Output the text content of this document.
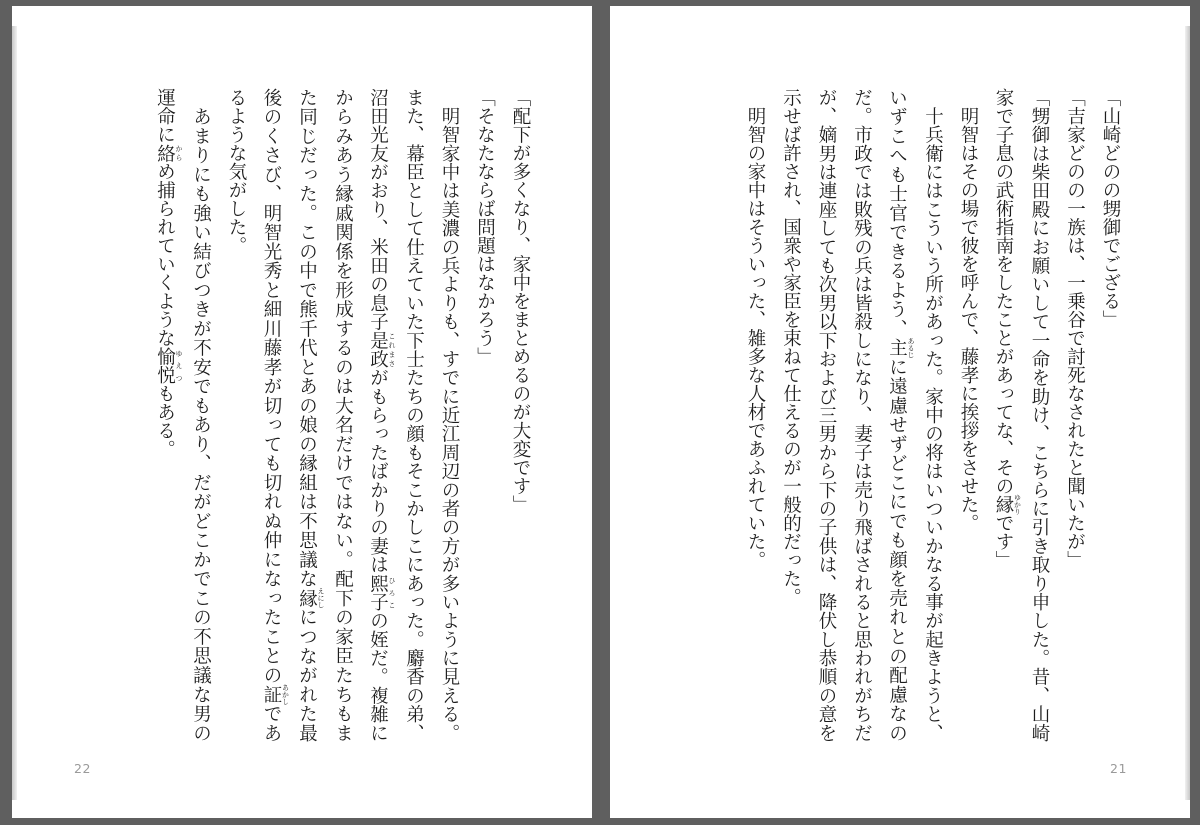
「配下が多くなり、家中をまとめるのが大変です」
「そなたならば問題はなかろう」
　明智家中は美濃の兵よりも、すでに近江周辺の者の方が多いように見える。
また、幕臣として仕えていた下士たちの顔もそこかしこにあった。麝香の弟、
沼田光友がおり、米田の息子是政 これまさがもらったばかりの妻は熙子 ひろこの姪だ。複雑に
からみあう縁戚関係を形成するのは大名だけではない。配下の家臣たちもま
た同じだった。この中で熊千代とあの娘の縁組は不思議な縁 えにしにつながれた最
後のくさび、明智光秀と細川藤孝が切っても切れぬ仲になったことの証 あかしであ
るような気がした。
　あまりにも強い結びつきが不安でもあり、だがどこかでこの不思議な男の
運命に絡 からめ捕られていくような愉悦 ゆえつもある。
22
「山崎どのの甥御でござる」
「吉家どのの一族は、一乗谷で討死なされたと聞いたが」
「甥御は柴田殿にお願いして一命を助け、こちらに引き取り申した。昔、山崎
家で子息の武術指南をしたことがあってな、その縁 ゆかりです」
　明智はその場で彼を呼んで、藤孝に挨拶をさせた。
　十兵衛にはこういう所があった。家中の将はいついかなる事が起きようと、
いずこへも士官できるよう、主 あるじに遠慮せずどこにでも顔を売れとの配慮なの
だ。市政では敗残の兵は皆殺しになり、妻子は売り飛ばされると思われがちだ
が、嫡男は連座しても次男以下および三男から下の子供は、降伏し恭順の意を
示せば許され、国衆や家臣を束ねて仕えるのが一般的だった。
　明智の家中はそういった、雑多な人材であふれていた。
21
